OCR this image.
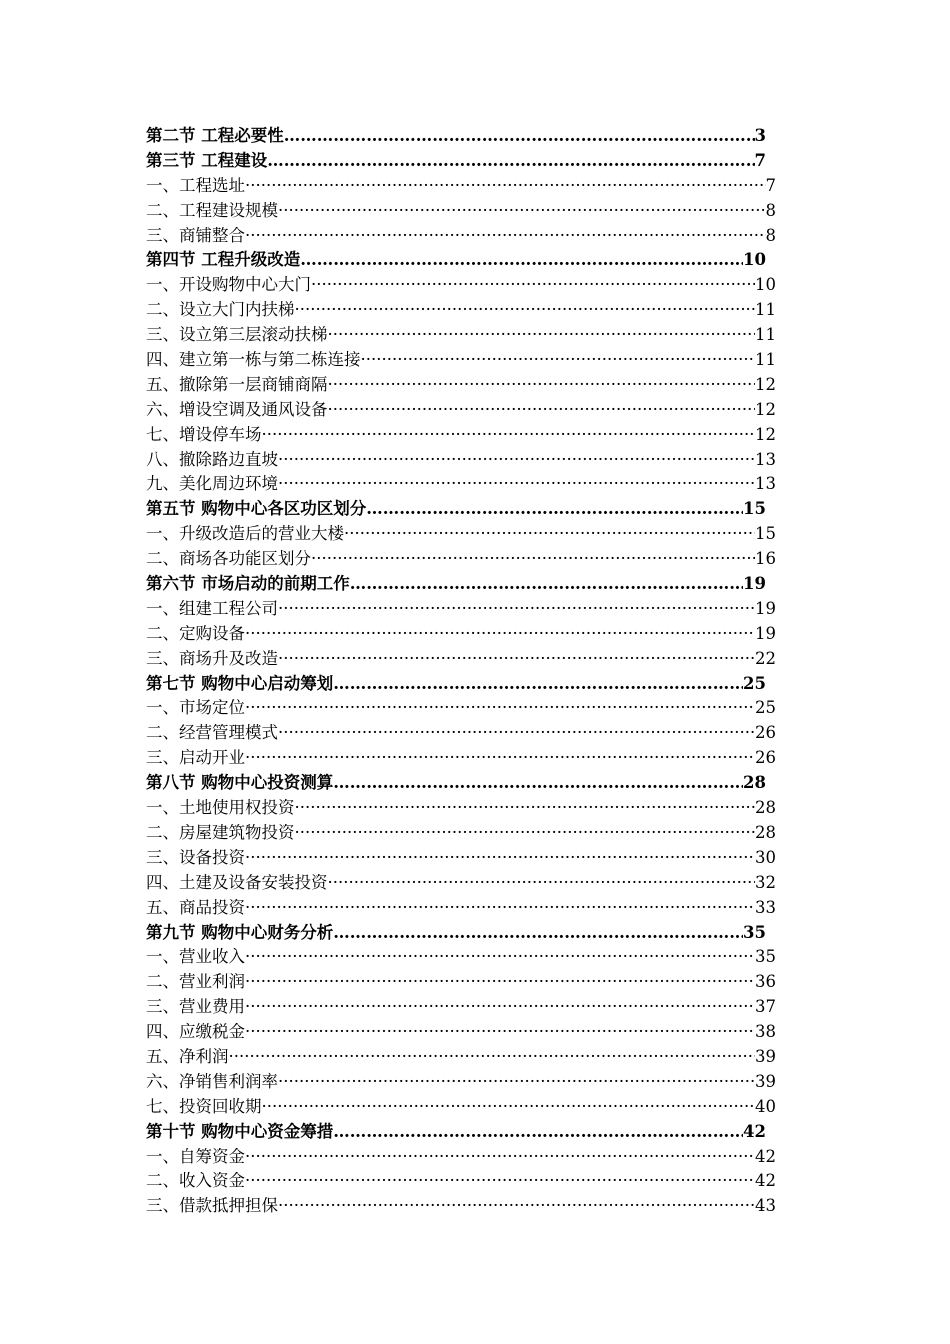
第二节 工程必要性 ……………………………………………………………………………………………………………………………………	3
第三节 工程建设 ……………………………………………………………………………………………………………………………………	7
一、工程选址 ·····	7
二、工程建设规模 ·····	8
三、商铺整合 ·····	8
第四节 工程升级改造 ……………………………………………………………………………………………………………………………………	10
一、开设购物中心大门 ·····	10
二、设立大门内扶梯 ·····	11
三、设立第三层滚动扶梯 ·····	11
四、建立第一栋与第二栋连接 ·····	11
五、撤除第一层商铺商隔 ·····	12
六、增设空调及通风设备 ·····	12
七、增设停车场 ·····	12
八、撤除路边直坡 ·····	13
九、美化周边环境 ·····	13
第五节 购物中心各区功区划分 ……………………………………………………………………………………………………………………………………	15
一、升级改造后的营业大楼 ·····	15
二、商场各功能区划分 ·····	16
第六节 市场启动的前期工作 ……………………………………………………………………………………………………………………………………	19
一、组建工程公司 ·····	19
二、定购设备 ·····	19
三、商场升及改造 ·····	22
第七节 购物中心启动筹划 ……………………………………………………………………………………………………………………………………	25
一、市场定位 ·····	25
二、经营管理模式 ·····	26
三、启动开业 ·····	26
第八节 购物中心投资测算 ……………………………………………………………………………………………………………………………………	28
一、土地使用权投资 ·····	28
二、房屋建筑物投资 ·····	28
三、设备投资 ·····	30
四、土建及设备安装投资 ·····	32
五、商品投资 ·····	33
第九节 购物中心财务分析 ……………………………………………………………………………………………………………………………………	35
一、营业收入 ·····	35
二、营业利润 ·····	36
三、营业费用 ·····	37
四、应缴税金 ·····	38
五、净利润 ·····	39
六、净销售利润率 ·····	39
七、投资回收期 ·····	40
第十节 购物中心资金筹措 ……………………………………………………………………………………………………………………………………	42
一、自筹资金 ·····	42
二、收入资金 ·····	42
三、借款抵押担保 ·····	43
